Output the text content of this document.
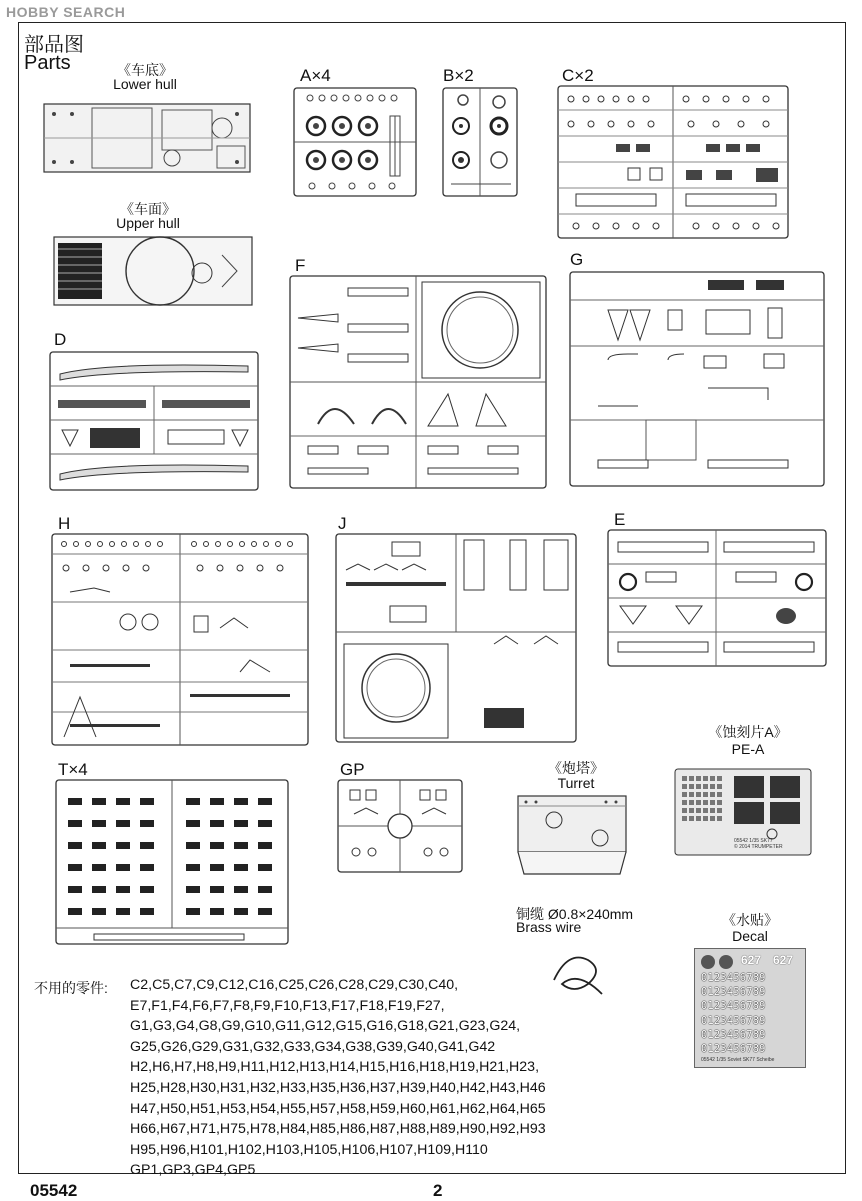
HOBBY SEARCH
部品图
Parts	《车底》
Lower hull
《车面》
Upper hull
A×4	B×2	C×2
D
F	G
H	J	E
《蚀刻片A》
PE-A
05542 1/35 SK77
© 2014 TRUMPETER
T×4	GP	《炮塔》
Turret
铜缆 Ø0.8×240mm
Brass wire	《水贴》
Decal
627 627
0123456789
0123456789
0123456789
0123456789
0123456789
0123456789
05542 1/35 Soviet SK77 Scheibe
不用的零件: C2,C5,C7,C9,C12,C16,C25,C26,C28,C29,C30,C40,
E7,F1,F4,F6,F7,F8,F9,F10,F13,F17,F18,F19,F27,
G1,G3,G4,G8,G9,G10,G11,G12,G15,G16,G18,G21,G23,G24,
G25,G26,G29,G31,G32,G33,G34,G38,G39,G40,G41,G42
H2,H6,H7,H8,H9,H11,H12,H13,H14,H15,H16,H18,H19,H21,H23,
H25,H28,H30,H31,H32,H33,H35,H36,H37,H39,H40,H42,H43,H46
H47,H50,H51,H53,H54,H55,H57,H58,H59,H60,H61,H62,H64,H65
H66,H67,H71,H75,H78,H84,H85,H86,H87,H88,H89,H90,H92,H93
H95,H96,H101,H102,H103,H105,H106,H107,H109,H110
GP1,GP3,GP4,GP5
05542	2
